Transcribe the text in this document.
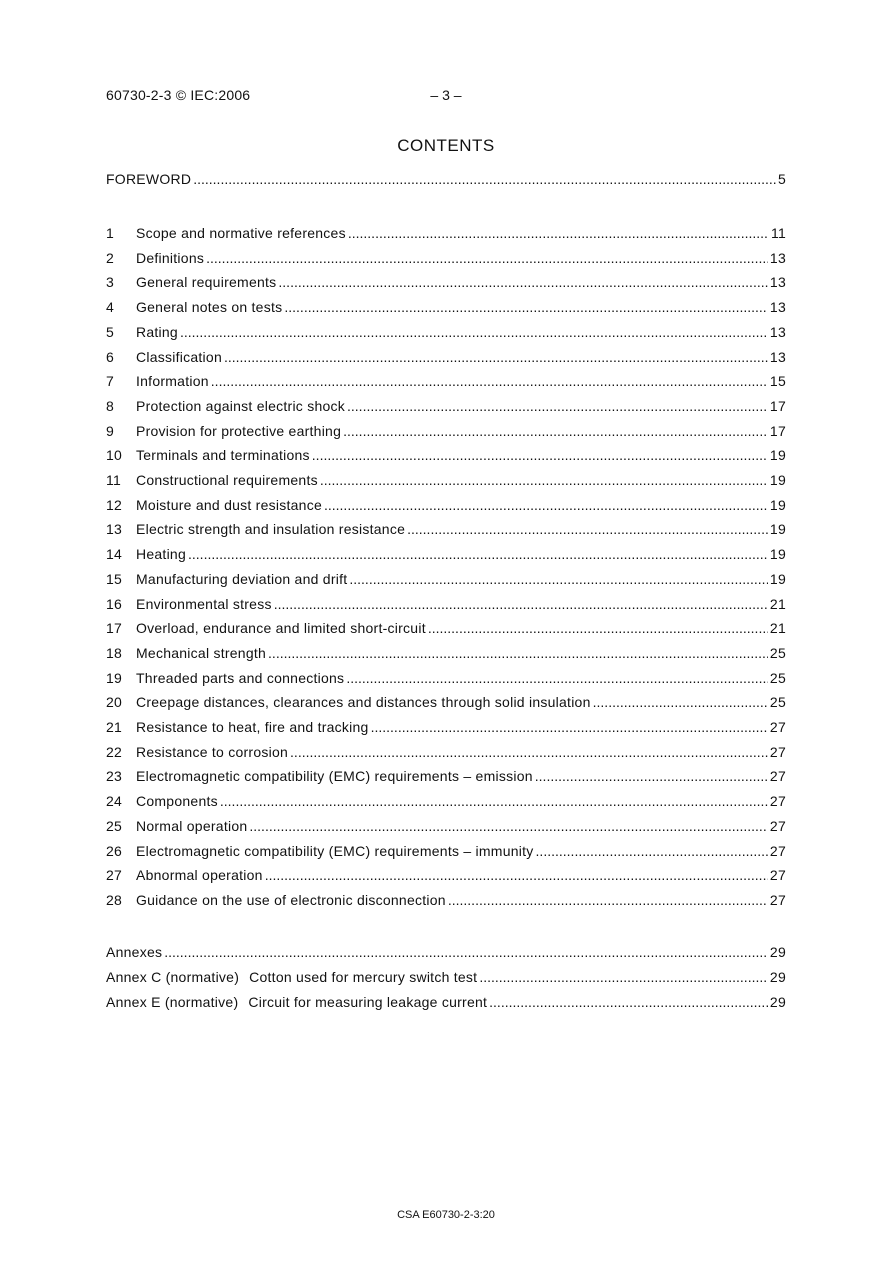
60730-2-3 © IEC:2006	– 3 –
CONTENTS
FOREWORD .....	5
1	Scope and normative references .....	11
2	Definitions .....	13
3	General requirements .....	13
4	General notes on tests .....	13
5	Rating .....	13
6	Classification .....	13
7	Information .....	15
8	Protection against electric shock .....	17
9	Provision for protective earthing .....	17
10 Terminals and terminations .....	19
11	Constructional requirements .....	19
12 Moisture and dust resistance .....	19
13 Electric strength and insulation resistance .....	19
14 Heating .....	19
15 Manufacturing deviation and drift .....	19
16 Environmental stress .....	21
17 Overload, endurance and limited short-circuit .....	21
18 Mechanical strength .....	25
19 Threaded parts and connections .....	25
20 Creepage distances, clearances and distances through solid insulation .....	25
21 Resistance to heat, fire and tracking .....	27
22 Resistance to corrosion .....	27
23 Electromagnetic compatibility (EMC) requirements – emission .....	27
24 Components .....	27
25 Normal operation .....	27
26 Electromagnetic compatibility (EMC) requirements – immunity .....	27
27 Abnormal operation .....	27
28 Guidance on the use of electronic disconnection .....	27
Annexes .....	29
Annex C (normative) Cotton used for mercury switch test .....	29
Annex E (normative) Circuit for measuring leakage current .....	29
CSA E60730-2-3:20
